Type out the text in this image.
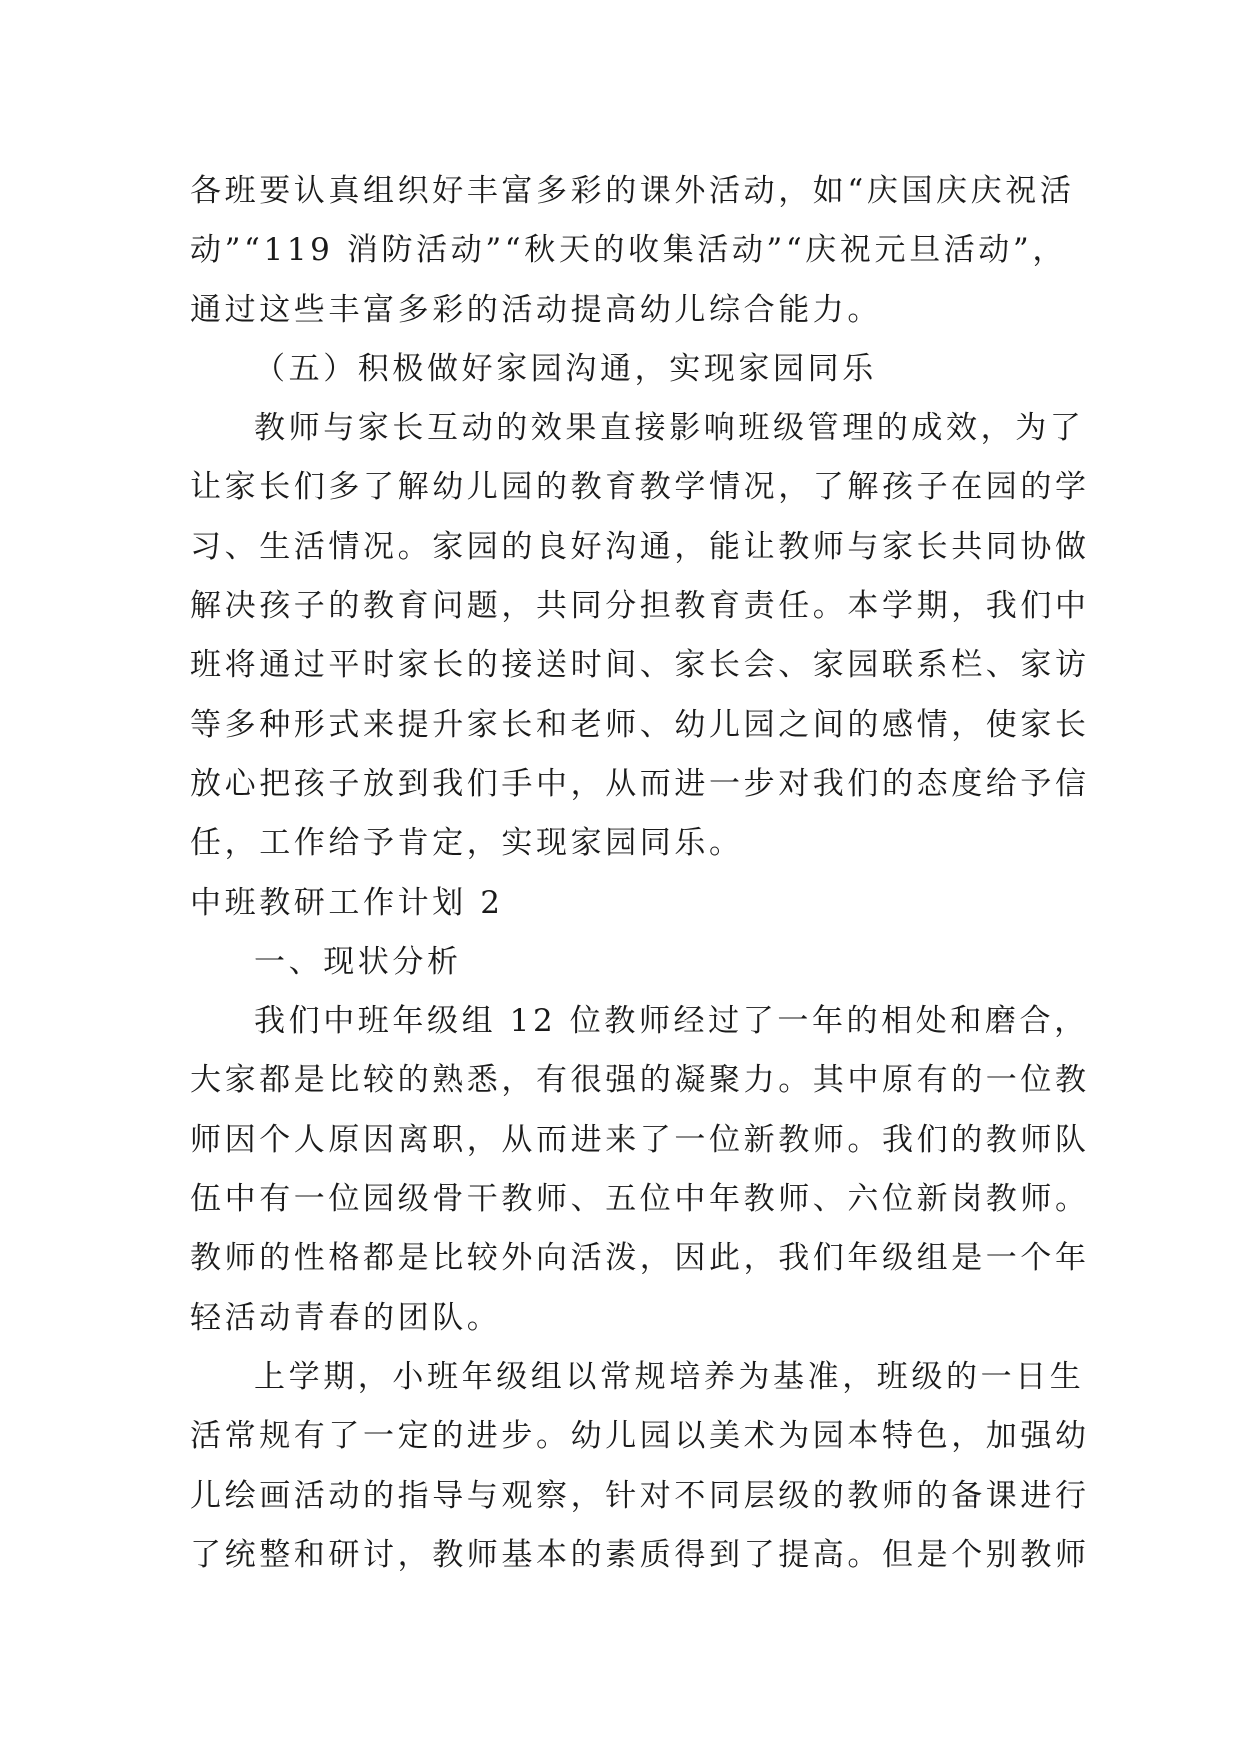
各班要认真组织好丰富多彩的课外活动，如“庆国庆庆祝活

动”“119 消防活动”“秋天的收集活动”“庆祝元旦活动”，

通过这些丰富多彩的活动提高幼儿综合能力。

（五）积极做好家园沟通，实现家园同乐

教师与家长互动的效果直接影响班级管理的成效，为了

让家长们多了解幼儿园的教育教学情况，了解孩子在园的学

习、生活情况。家园的良好沟通，能让教师与家长共同协做

解决孩子的教育问题，共同分担教育责任。本学期，我们中

班将通过平时家长的接送时间、家长会、家园联系栏、家访

等多种形式来提升家长和老师、幼儿园之间的感情，使家长

放心把孩子放到我们手中，从而进一步对我们的态度给予信

任，工作给予肯定，实现家园同乐。

中班教研工作计划 2

一、现状分析

我们中班年级组 12 位教师经过了一年的相处和磨合，

大家都是比较的熟悉，有很强的凝聚力。其中原有的一位教

师因个人原因离职，从而进来了一位新教师。我们的教师队

伍中有一位园级骨干教师、五位中年教师、六位新岗教师。

教师的性格都是比较外向活泼，因此，我们年级组是一个年

轻活动青春的团队。

上学期，小班年级组以常规培养为基准，班级的一日生

活常规有了一定的进步。幼儿园以美术为园本特色，加强幼

儿绘画活动的指导与观察，针对不同层级的教师的备课进行

了统整和研讨，教师基本的素质得到了提高。但是个别教师
